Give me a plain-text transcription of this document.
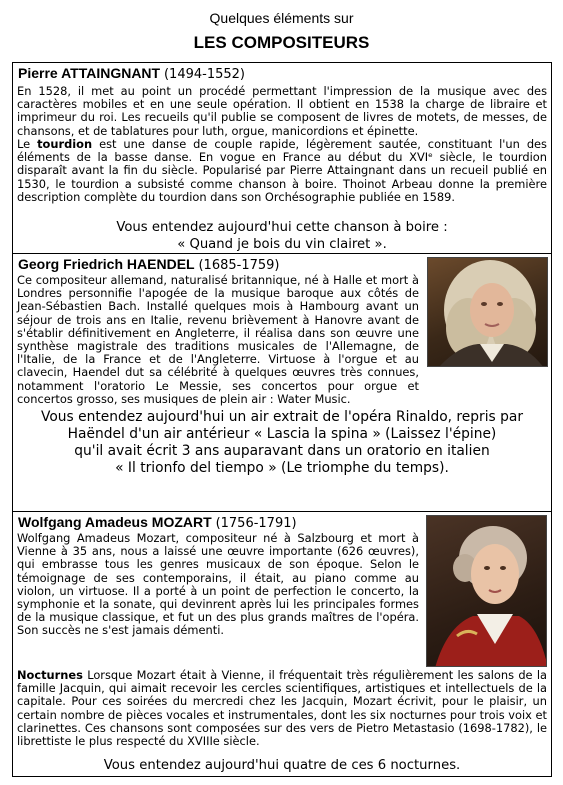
Quelques éléments sur
LES COMPOSITEURS
Pierre ATTAINGNANT (1494-1552)
En 1528, il met au point un procédé permettant l'impression de la musique avec des caractères mobiles et en une seule opération. Il obtient en 1538 la charge de libraire et imprimeur du roi. Les recueils qu'il publie se composent de livres de motets, de messes, de chansons, et de tablatures pour luth, orgue, manicordions et épinette.
Le tourdion est une danse de couple rapide, légèrement sautée, constituant l'un des éléments de la basse danse. En vogue en France au début du XVIᵉ siècle, le tourdion disparaît avant la fin du siècle. Popularisé par Pierre Attaingnant dans un recueil publié en 1530, le tourdion a subsisté comme chanson à boire. Thoinot Arbeau donne la première description complète du tourdion dans son Orchésographie publiée en 1589.
Vous entendez aujourd'hui cette chanson à boire :
« Quand je bois du vin clairet ».
Georg Friedrich HAENDEL (1685-1759)
Ce compositeur allemand, naturalisé britannique, né à Halle et mort à Londres personnifie l'apogée de la musique baroque aux côtés de Jean-Sébastien Bach. Installé quelques mois à Hambourg avant un séjour de trois ans en Italie, revenu brièvement à Hanovre avant de s'établir définitivement en Angleterre, il réalisa dans son œuvre une synthèse magistrale des traditions musicales de l'Allemagne, de l'Italie, de la France et de l'Angleterre. Virtuose à l'orgue et au clavecin, Haendel dut sa célébrité à quelques œuvres très connues, notamment l'oratorio Le Messie, ses concertos pour orgue et concertos grosso, ses musiques de plein air : Water Music.
Vous entendez aujourd'hui un air extrait de l'opéra Rinaldo, repris par
Haëndel d'un air antérieur « Lascia la spina » (Laissez l'épine)
qu'il avait écrit 3 ans auparavant dans un oratorio en italien
« Il trionfo del tiempo » (Le triomphe du temps).
Wolfgang Amadeus MOZART (1756-1791)
Wolfgang Amadeus Mozart, compositeur né à Salzbourg et mort à Vienne à 35 ans, nous a laissé une œuvre importante (626 œuvres), qui embrasse tous les genres musicaux de son époque. Selon le témoignage de ses contemporains, il était, au piano comme au violon, un virtuose. Il a porté à un point de perfection le concerto, la symphonie et la sonate, qui devinrent après lui les principales formes de la musique classique, et fut un des plus grands maîtres de l'opéra. Son succès ne s'est jamais démenti.
Nocturnes Lorsque Mozart était à Vienne, il fréquentait très régulièrement les salons de la famille Jacquin, qui aimait recevoir les cercles scientifiques, artistiques et intellectuels de la capitale. Pour ces soirées du mercredi chez les Jacquin, Mozart écrivit, pour le plaisir, un certain nombre de pièces vocales et instrumentales, dont les six nocturnes pour trois voix et clarinettes. Ces chansons sont composées sur des vers de Pietro Metastasio (1698-1782), le librettiste le plus respecté du XVIIIe siècle.
Vous entendez aujourd'hui quatre de ces 6 nocturnes.
